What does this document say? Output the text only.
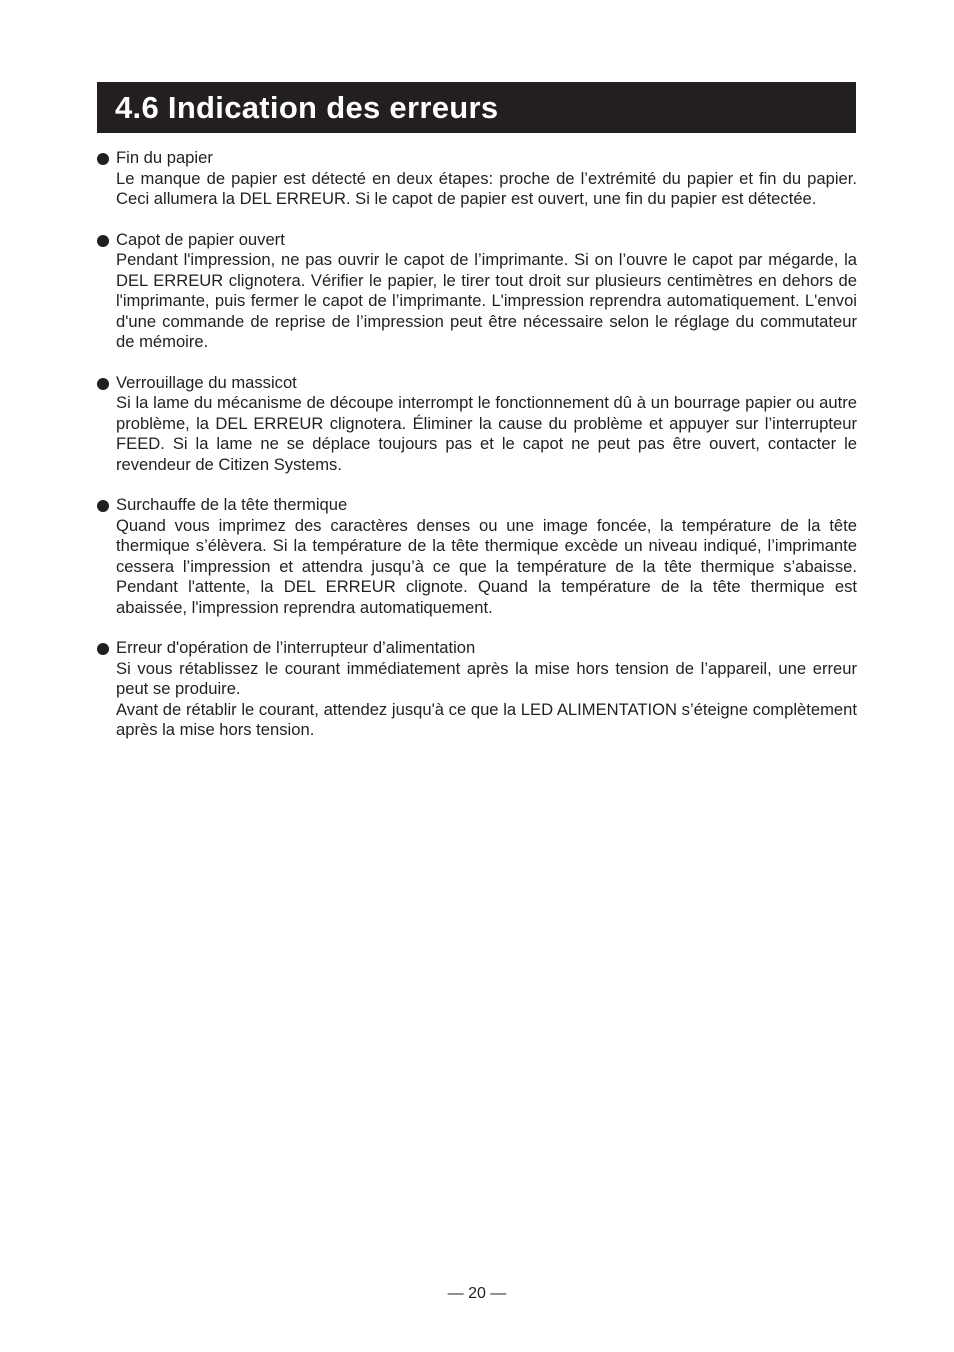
4.6 Indication des erreurs
Fin du papier
Le manque de papier est détecté en deux étapes: proche de l’extrémité du papier et fin du papier. Ceci allumera la DEL ERREUR. Si le capot de papier est ouvert, une fin du papier est détectée.
Capot de papier ouvert
Pendant l'impression, ne pas ouvrir le capot de l’imprimante. Si on l’ouvre le capot par mégarde, la DEL ERREUR clignotera. Vérifier le papier, le tirer tout droit sur plusieurs centimètres en dehors de l'imprimante, puis fermer le capot de l’imprimante. L'impression reprendra automatiquement. L'envoi d'une commande de reprise de l’impression peut être nécessaire selon le réglage du commutateur de mémoire.
Verrouillage du massicot
Si la lame du mécanisme de découpe interrompt le fonctionnement dû à un bourrage papier ou autre problème, la DEL ERREUR clignotera. Éliminer la cause du problème et appuyer sur l’interrupteur FEED. Si la lame ne se déplace toujours pas et le capot ne peut pas être ouvert, contacter le revendeur de Citizen Systems.
Surchauffe de la tête thermique
Quand vous imprimez des caractères denses ou une image foncée, la température de la tête thermique s’élèvera. Si la température de la tête thermique excède un niveau indiqué, l’imprimante cessera l’impression et attendra jusqu’à ce que la température de la tête thermique s’abaisse. Pendant l'attente, la DEL ERREUR clignote. Quand la température de la tête thermique est abaissée, l'impression reprendra automatiquement.
Erreur d'opération de l’interrupteur d’alimentation
Si vous rétablissez le courant immédiatement après la mise hors tension de l’appareil, une erreur peut se produire.
Avant de rétablir le courant, attendez jusqu'à ce que la LED ALIMENTATION s’éteigne complètement après la mise hors tension.
— 20 —
